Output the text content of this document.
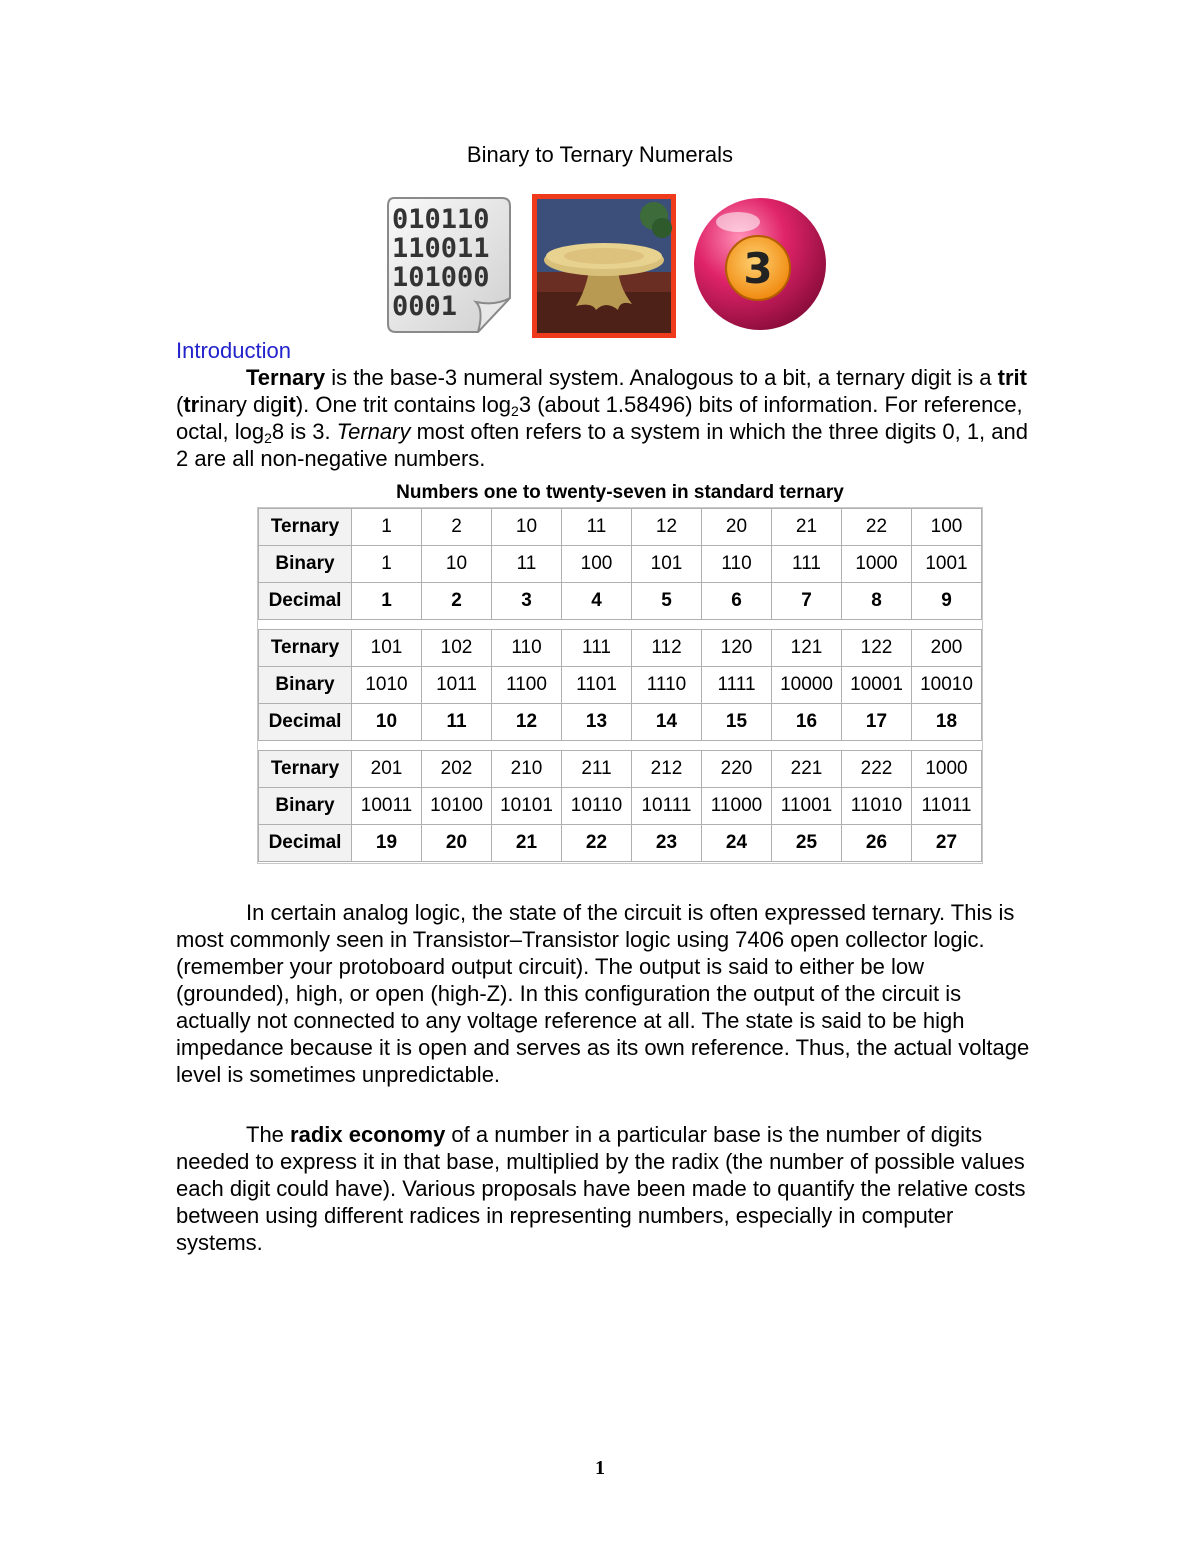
Binary to Ternary Numerals
010110
110011
101000
0001
3
Introduction

Ternary is the base-3 numeral system. Analogous to a bit, a ternary digit is a trit (trinary digit). One trit contains $\log_23$ (about 1.58496) bits of information. For reference, octal, $\log_28$ is 3. Ternary most often refers to a system in which the three digits 0, 1, and 2 are all non-negative numbers.

Numbers one to twenty-seven in standard ternary
Ternary	1	2	10	11	12	20	21	22	100
Binary	1	10	11	100	101	110	111	1000	1001
Decimal	1	2	3	4	5	6	7	8	9
Ternary	101	102	110	111	112	120	121	122	200
Binary	1010	1011	1100	1101	1110	1111	10000	10001	10010
Decimal	10	11	12	13	14	15	16	17	18
Ternary	201	202	210	211	212	220	221	222	1000
Binary	10011	10100	10101	10110	10111	11000	11001	11010	11011
Decimal	19	20	21	22	23	24	25	26	27

In certain analog logic, the state of the circuit is often expressed ternary. This is most commonly seen in Transistor–Transistor logic using 7406 open collector logic. (remember your protoboard output circuit). The output is said to either be low (grounded), high, or open (high-Z). In this configuration the output of the circuit is actually not connected to any voltage reference at all. The state is said to be high impedance because it is open and serves as its own reference. Thus, the actual voltage level is sometimes unpredictable.

The radix economy of a number in a particular base is the number of digits needed to express it in that base, multiplied by the radix (the number of possible values each digit could have). Various proposals have been made to quantify the relative costs between using different radices in representing numbers, especially in computer systems.

1
